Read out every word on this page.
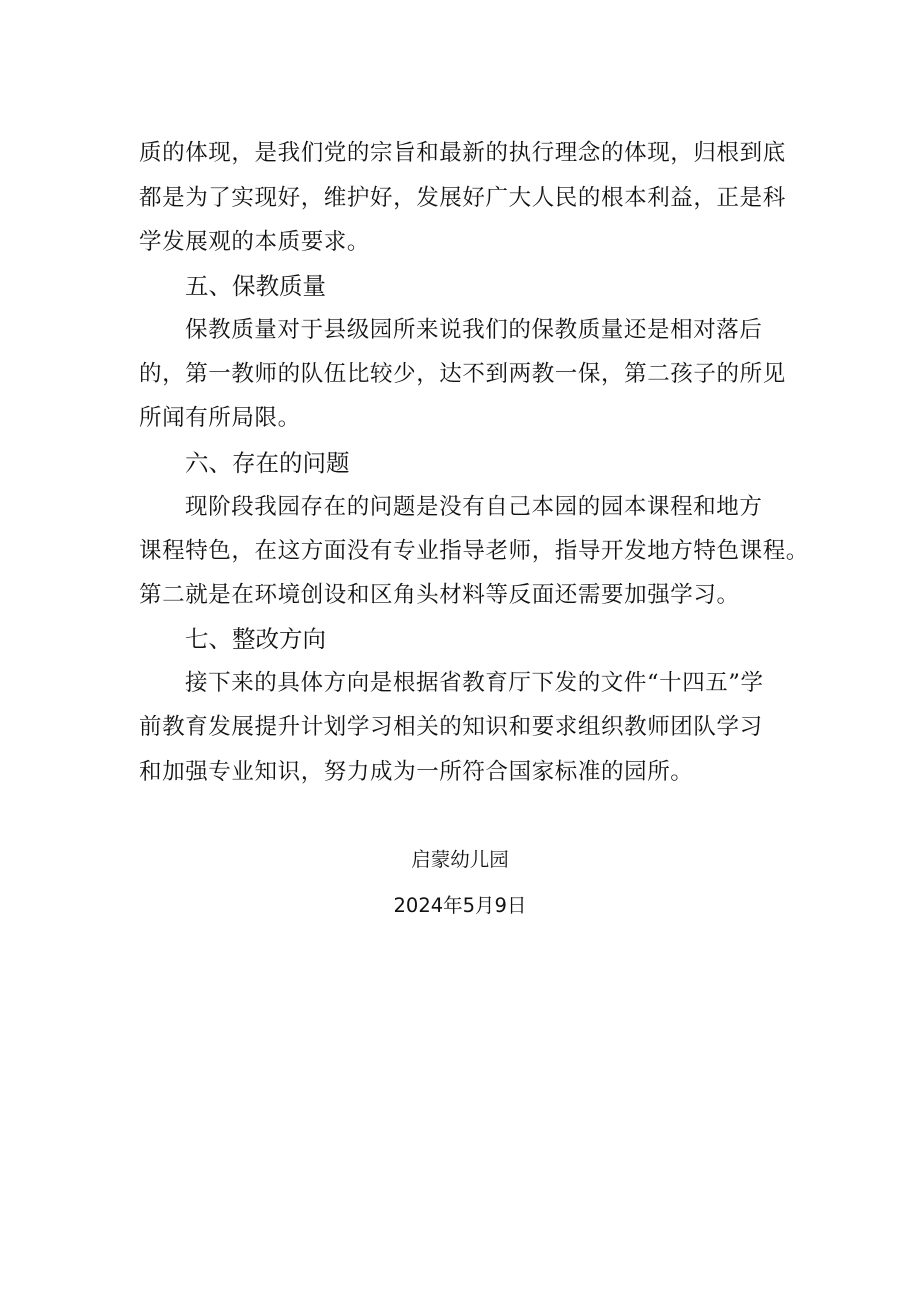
质的体现，是我们党的宗旨和最新的执行理念的体现，归根到底
都是为了实现好，维护好，发展好广大人民的根本利益，正是科
学发展观的本质要求。
五、保教质量
保教质量对于县级园所来说我们的保教质量还是相对落后
的，第一教师的队伍比较少，达不到两教一保，第二孩子的所见
所闻有所局限。
六、存在的问题
现阶段我园存在的问题是没有自己本园的园本课程和地方
课程特色，在这方面没有专业指导老师，指导开发地方特色课程。
第二就是在环境创设和区角头材料等反面还需要加强学习。
七、整改方向
接下来的具体方向是根据省教育厅下发的文件“十四五”学
前教育发展提升计划学习相关的知识和要求组织教师团队学习
和加强专业知识，努力成为一所符合国家标准的园所。
启蒙幼儿园
2024年5月9日
